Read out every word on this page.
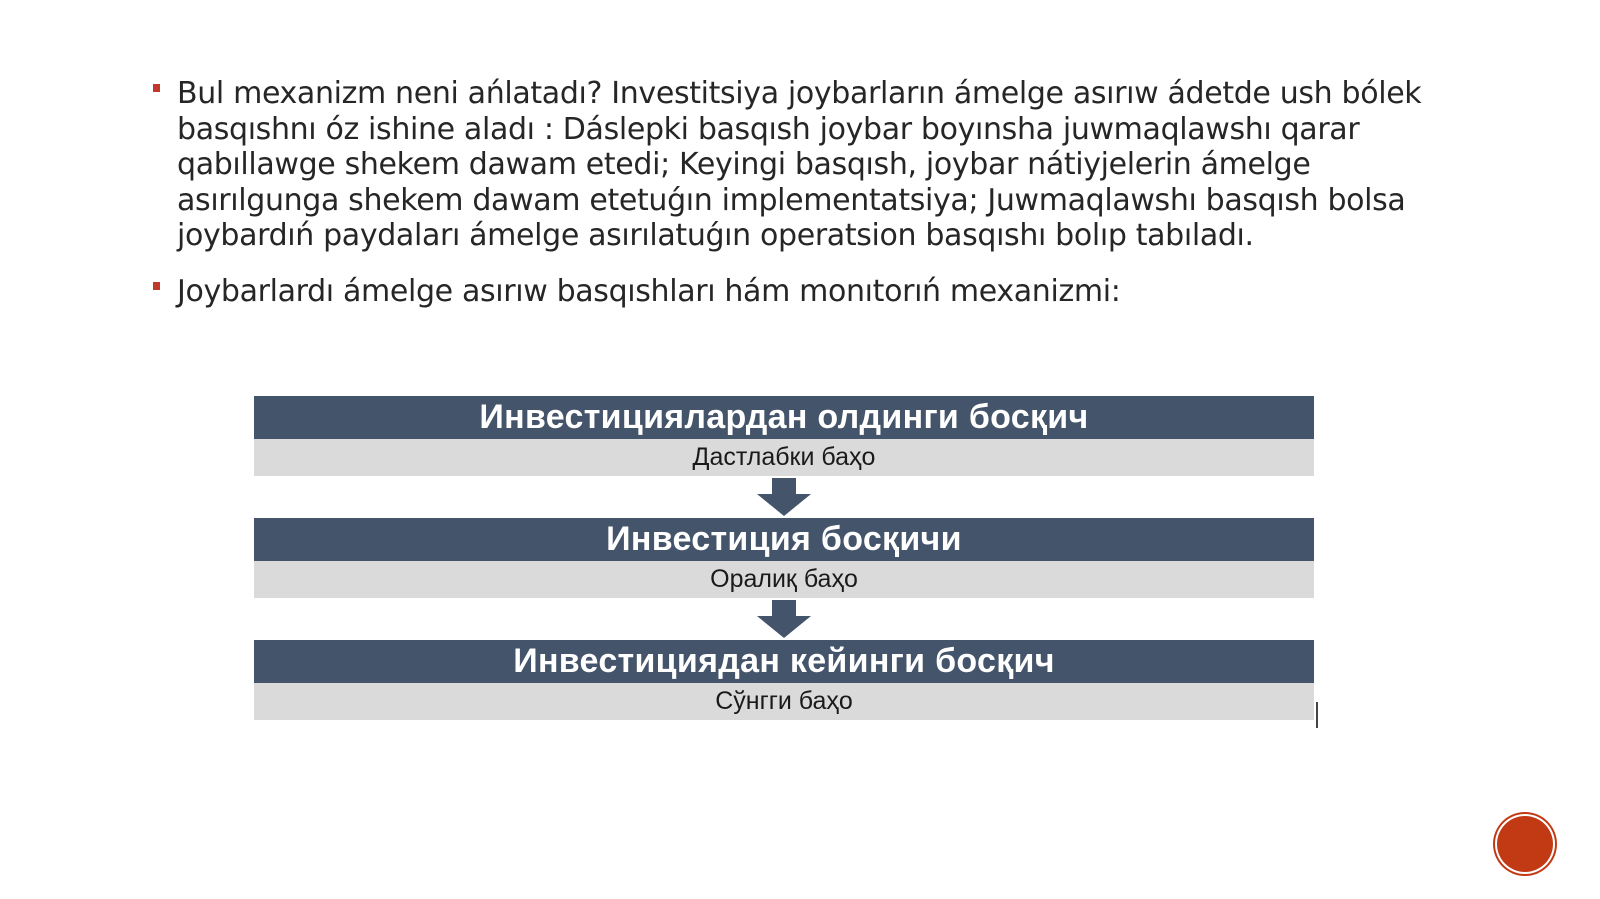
Bul mexanizm neni ańlatadı? Investitsiya joybarların ámelge asırıw ádetde ush bólek basqıshnı óz ishine aladı : Dáslepki basqısh joybar boyınsha juwmaqlawshı qarar qabıllawge shekem dawam etedi; Keyingi basqısh, joybar nátiyjelerin ámelge asırılgunga shekem dawam etetuǵın implementatsiya; Juwmaqlawshı basqısh bolsa joybardıń paydaları ámelge asırılatuǵın operatsion basqıshı bolıp tabıladı.
Joybarlardı ámelge asırıw basqıshları hám monıtorıń mexanizmi:
Инвестициялардан олдинги босқич
Дастлабки баҳо
Инвестиция босқичи
Оралиқ баҳо
Инвестициядан кейинги босқич
Сўнгги баҳо
